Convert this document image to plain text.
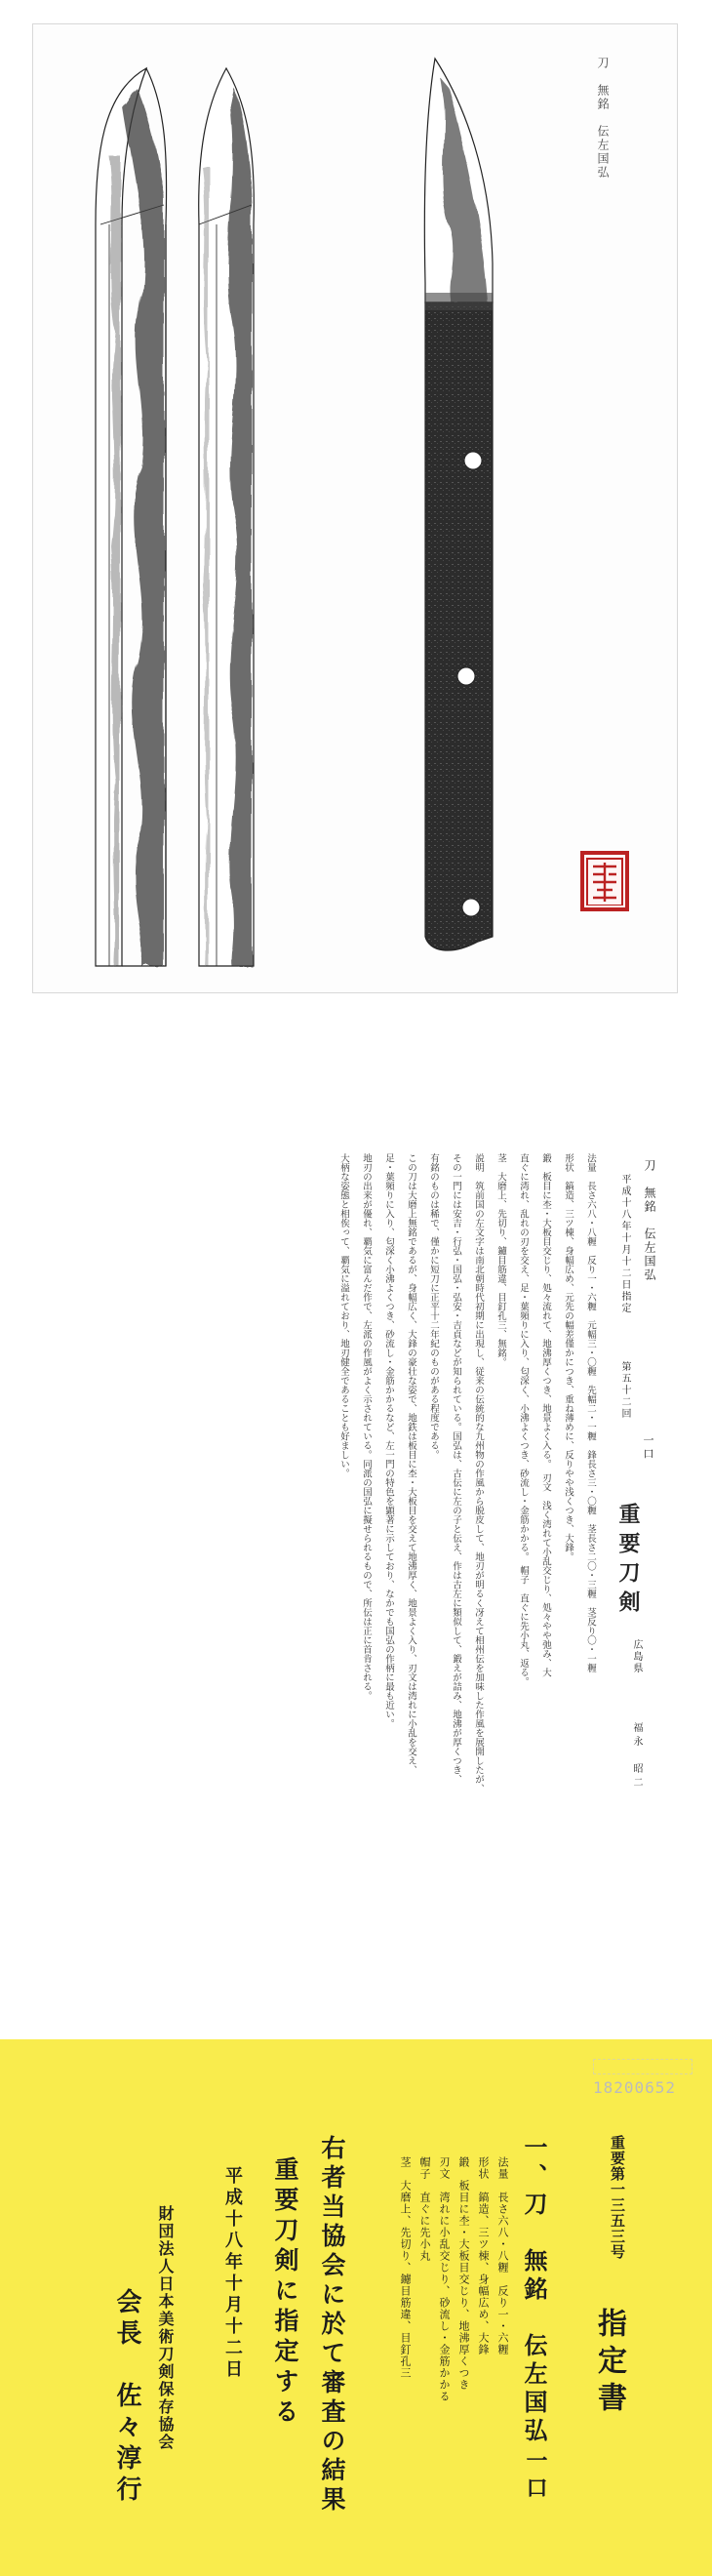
刀　無銘　伝左国弘
刀　無銘　伝左国弘
平成十八年十月十二日指定
第五十二回
一口
重要刀剣
広島県
福永　昭二

法量　長さ六八・八糎　反り一・六糎　元幅三・〇糎　先幅二・一糎　鋒長さ三・〇糎　茎長さ二〇・三糎　茎反り〇・一糎

形状　鎬造、三ツ棟、身幅広め、元先の幅差僅かにつき、重ね薄めに、反りやや浅くつき、大鋒。

鍛　板目に杢・大板目交じり、処々流れて、地沸厚くつき、地景よく入る。　刃文　浅く湾れて小乱交じり、処々やや弛み、大

直ぐに湾れ、乱れの刃を交え、足・葉頻りに入り、匂深く、小沸よくつき、砂流し・金筋かかる。　帽子　直ぐに先小丸、返る。

茎　大磨上、先切り、鑢目筋違、目釘孔三、無銘。

説明　筑前国の左文字は南北朝時代初期に出現し、従来の伝統的な九州物の作風から脱皮して、地刃が明るく冴えて相州伝を加味した作風を展開したが、

その一門には安吉・行弘・国弘・弘安・吉貞などが知られている。国弘は、古伝に左の子と伝え、作は古左に類似して、鍛えが詰み、地沸が厚くつき、

有銘のものは稀で、僅かに短刀に正平十二年紀のものがある程度である。

この刀は大磨上無銘であるが、身幅広く、大鋒の豪壮な姿で、地鉄は板目に杢・大板目を交えて地沸厚く、地景よく入り、刃文は湾れに小乱を交え、

足・葉頻りに入り、匂深く小沸よくつき、砂流し・金筋かかるなど、左一門の特色を顕著に示しており、なかでも国弘の作柄に最も近い。

地刃の出来が優れ、覇気に富んだ作で、左派の作風がよく示されている。同派の国弘に擬せられるもので、所伝は正に首肯される。

大柄な姿態と相俟って、覇気に溢れており、地刃健全であることも好ましい。

18200652
重要第一三五三号
指定書
一、刀　無銘　伝左国弘
一口

法量　長さ六八・八糎　反り一・六糎

形状　鎬造、三ツ棟、身幅広め、大鋒

鍛　板目に杢・大板目交じり、地沸厚くつき

刃文　湾れに小乱交じり、砂流し・金筋かかる

帽子　直ぐに先小丸

茎　大磨上、先切り、鑢目筋違、目釘孔三

右者当協会に於て審査の結果
重要刀剣に指定する
平成十八年十月十二日
財団法人日本美術刀剣保存協会
会長　佐々淳行
